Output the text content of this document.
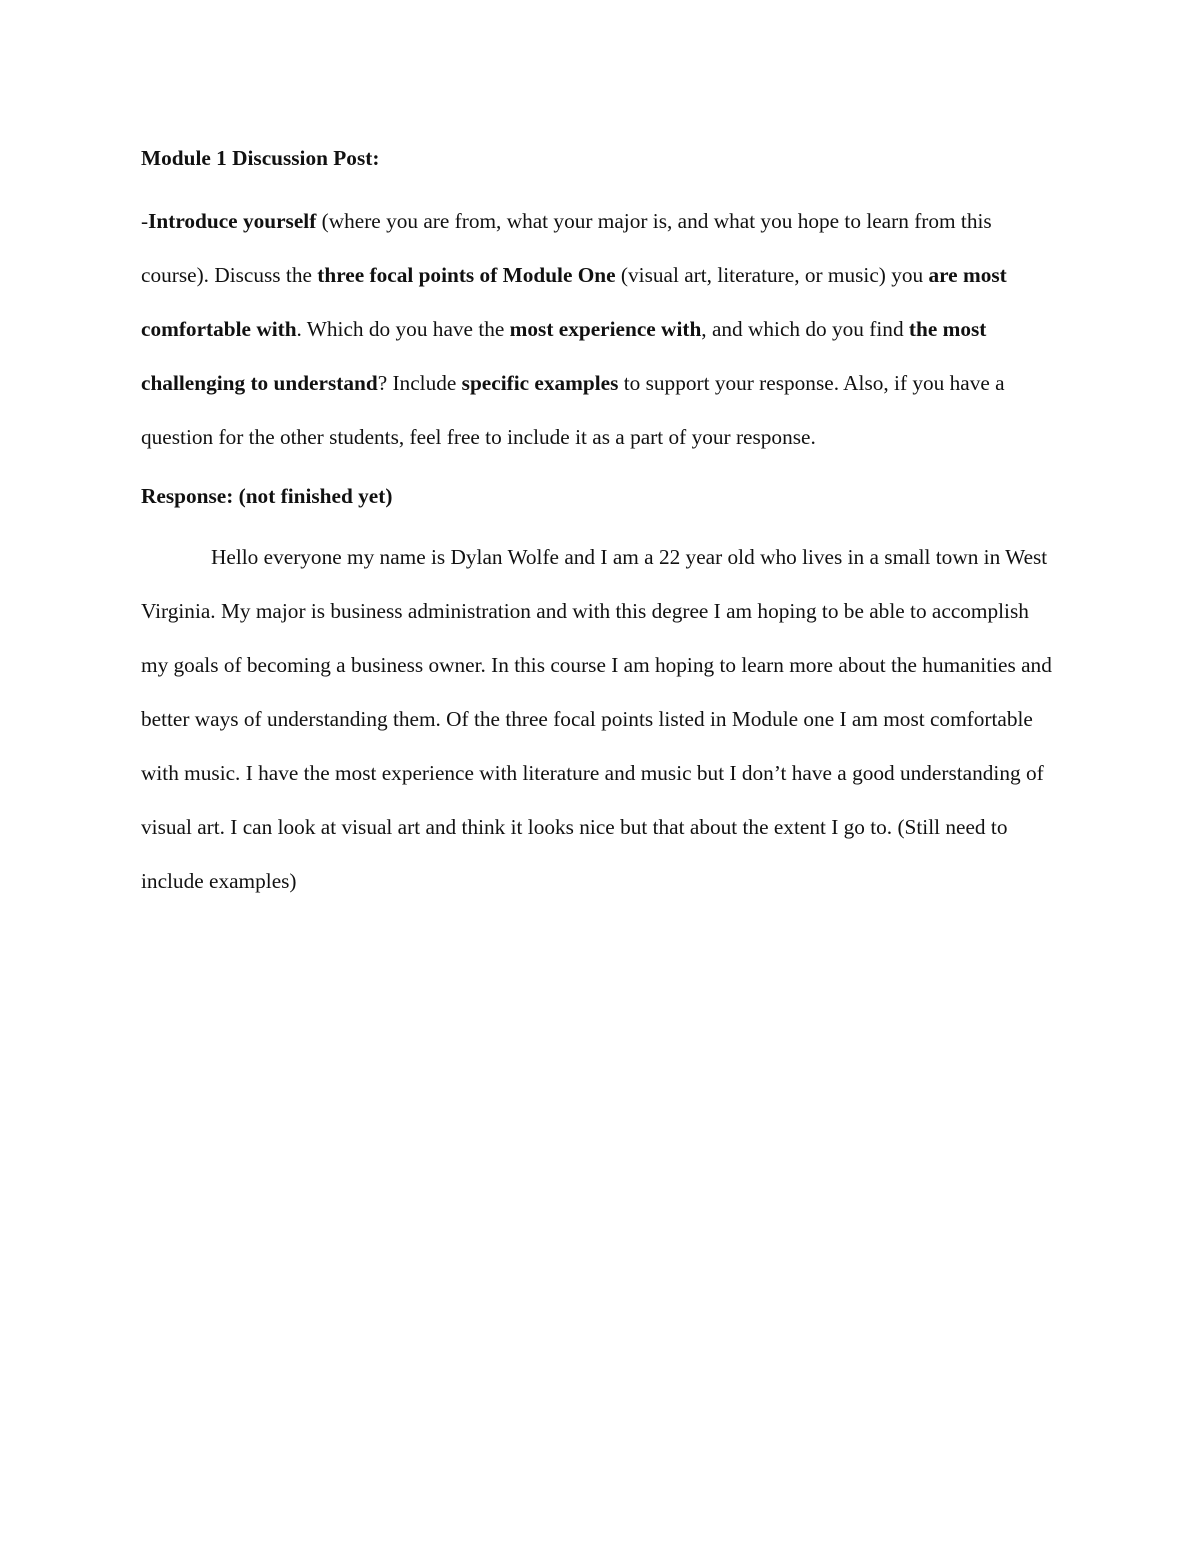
Module 1 Discussion Post:

-Introduce yourself (where you are from, what your major is, and what you hope to learn from this course). Discuss the three focal points of Module One (visual art, literature, or music) you are most comfortable with. Which do you have the most experience with, and which do you find the most challenging to understand? Include specific examples to support your response. Also, if you have a question for the other students, feel free to include it as a part of your response.

Response: (not finished yet)

Hello everyone my name is Dylan Wolfe and I am a 22 year old who lives in a small town in West Virginia. My major is business administration and with this degree I am hoping to be able to accomplish my goals of becoming a business owner. In this course I am hoping to learn more about the humanities and better ways of understanding them. Of the three focal points listed in Module one I am most comfortable with music. I have the most experience with literature and music but I don’t have a good understanding of visual art. I can look at visual art and think it looks nice but that about the extent I go to. (Still need to include examples)
